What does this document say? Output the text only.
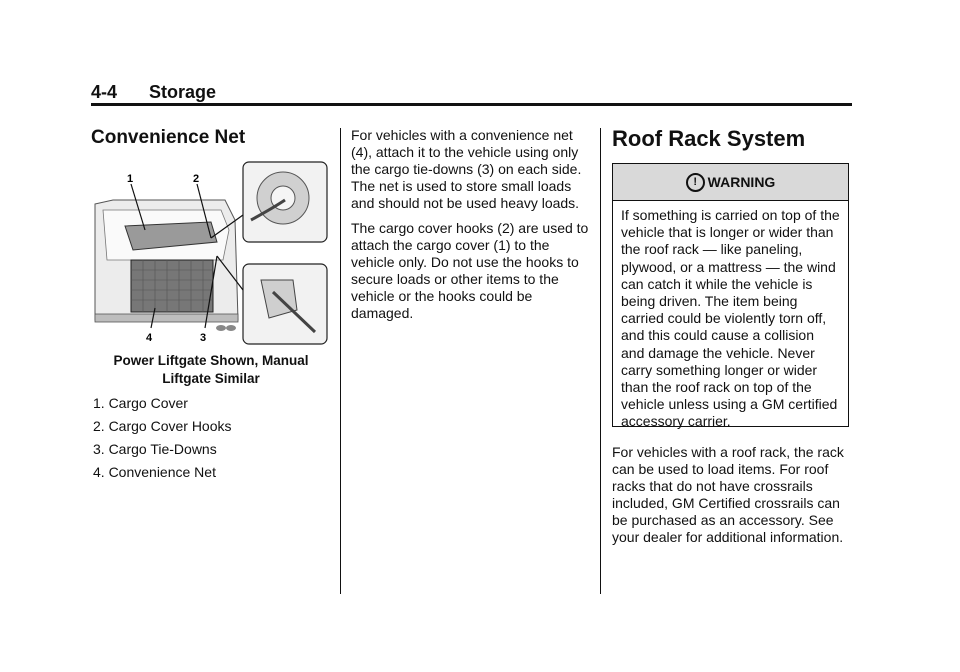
4-4 Storage
Convenience Net
1	2
4	3
Power Liftgate Shown, Manual Liftgate Similar
1. Cargo Cover
2. Cargo Cover Hooks
3. Cargo Tie-Downs
4. Convenience Net

For vehicles with a convenience net (4), attach it to the vehicle using only the cargo tie-downs (3) on each side. The net is used to store small loads and should not be used heavy loads.

The cargo cover hooks (2) are used to attach the cargo cover (1) to the vehicle only. Do not use the hooks to secure loads or other items to the vehicle or the hooks could be damaged.

Roof Rack System
! WARNING
If something is carried on top of the vehicle that is longer or wider than the roof rack — like paneling, plywood, or a mattress — the wind can catch it while the vehicle is being driven. The item being carried could be violently torn off, and this could cause a collision and damage the vehicle. Never carry something longer or wider than the roof rack on top of the vehicle unless using a GM certified accessory carrier.

For vehicles with a roof rack, the rack can be used to load items. For roof racks that do not have crossrails included, GM Certified crossrails can be purchased as an accessory. See your dealer for additional information.
